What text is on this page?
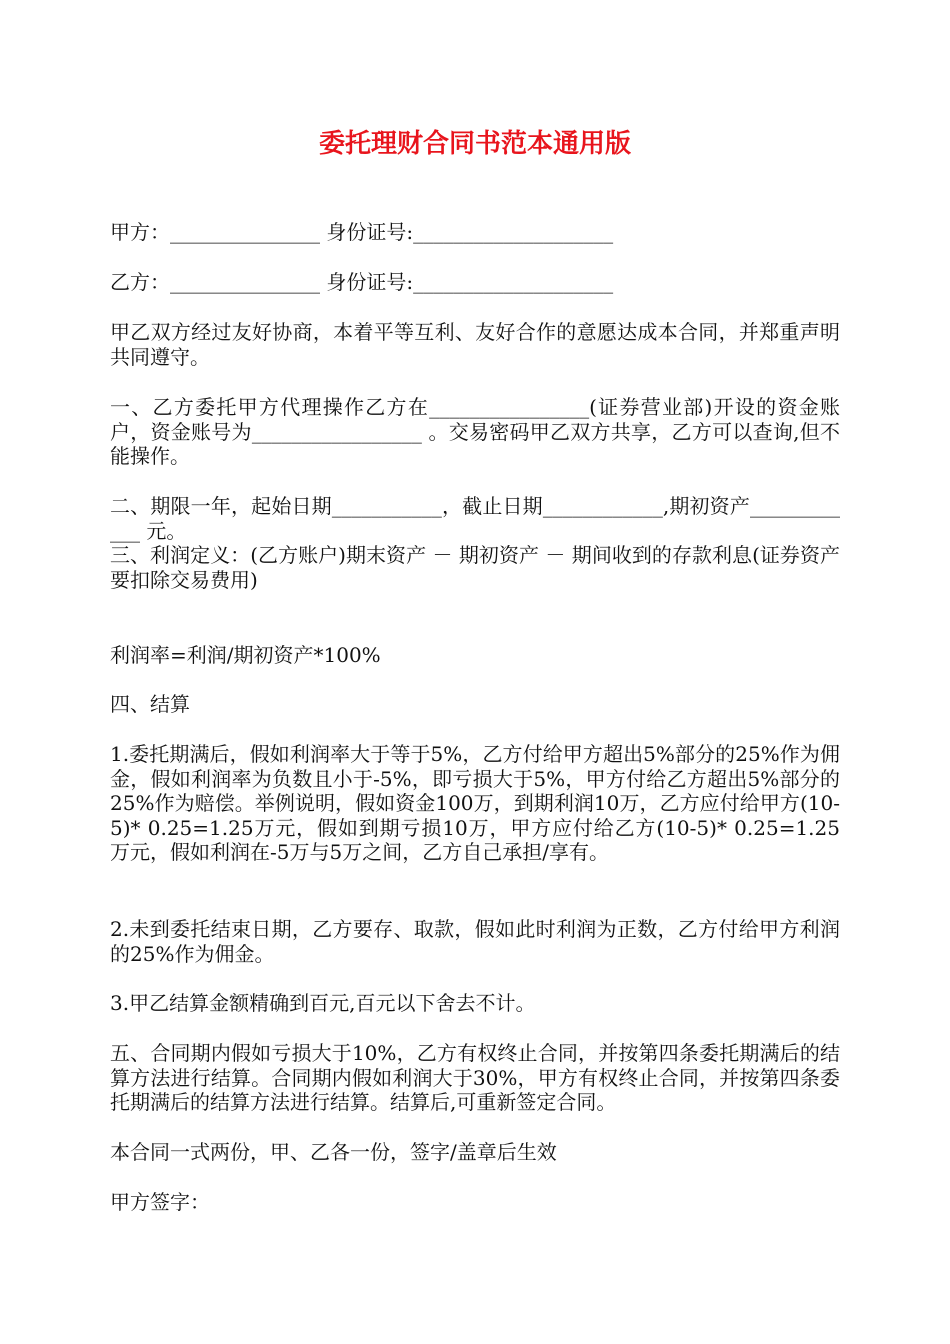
委托理财合同书范本通用版
甲方：_______________ 身份证号:____________________
乙方：_______________ 身份证号:____________________
甲乙双方经过友好协商，本着平等互利、友好合作的意愿达成本合同，并郑重声明共同遵守。
一、乙方委托甲方代理操作乙方在________________(证券营业部)开设的资金账户，资金账号为_________________ 。交易密码甲乙双方共享，乙方可以查询,但不能操作。
二、期限一年，起始日期___________，截止日期____________,期初资产____________ 元。
三、利润定义：(乙方账户)期末资产 － 期初资产 － 期间收到的存款利息(证券资产要扣除交易费用)
利润率=利润/期初资产*100%
四、结算
1.委托期满后，假如利润率大于等于5%，乙方付给甲方超出5%部分的25%作为佣金，假如利润率为负数且小于-5%，即亏损大于5%，甲方付给乙方超出5%部分的25%作为赔偿。举例说明，假如资金100万，到期利润10万，乙方应付给甲方(10-5)* 0.25=1.25万元，假如到期亏损10万，甲方应付给乙方(10-5)* 0.25=1.25万元，假如利润在-5万与5万之间，乙方自己承担/享有。
2.未到委托结束日期，乙方要存、取款，假如此时利润为正数，乙方付给甲方利润的25%作为佣金。
3.甲乙结算金额精确到百元,百元以下舍去不计。
五、合同期内假如亏损大于10%，乙方有权终止合同，并按第四条委托期满后的结算方法进行结算。合同期内假如利润大于30%，甲方有权终止合同，并按第四条委托期满后的结算方法进行结算。结算后,可重新签定合同。
本合同一式两份，甲、乙各一份，签字/盖章后生效
甲方签字：
